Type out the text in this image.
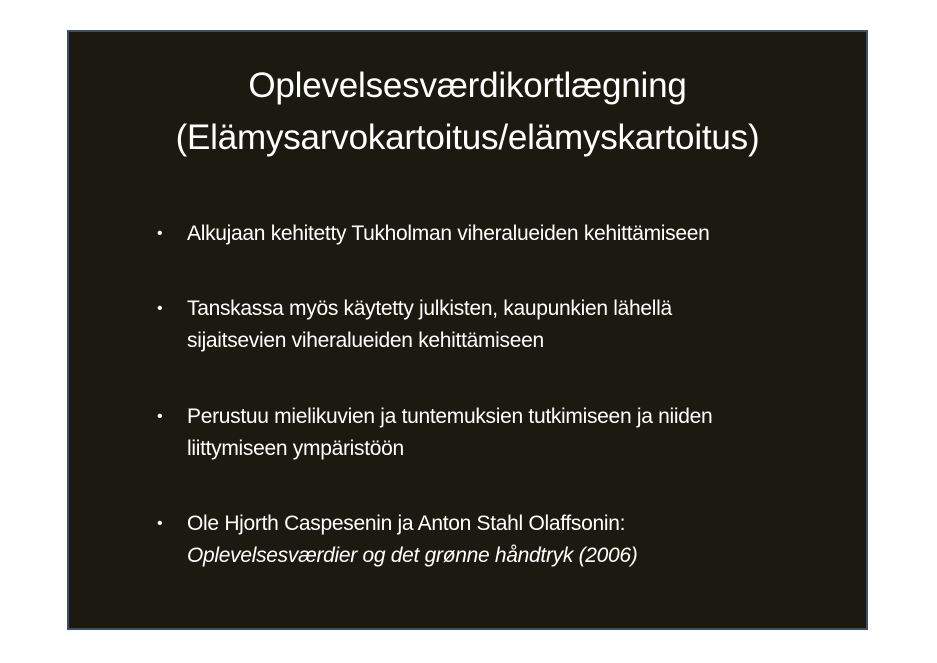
Oplevelsesværdikortlægning
(Elämysarvokartoitus/elämyskartoitus)
• Alkujaan kehitetty Tukholman viheralueiden kehittämiseen
• Tanskassa myös käytetty julkisten, kaupunkien lähellä
sijaitsevien viheralueiden kehittämiseen
• Perustuu mielikuvien ja tuntemuksien tutkimiseen ja niiden
liittymiseen ympäristöön
• Ole Hjorth Caspesenin ja Anton Stahl Olaffsonin:
Oplevelsesværdier og det grønne håndtryk (2006)
